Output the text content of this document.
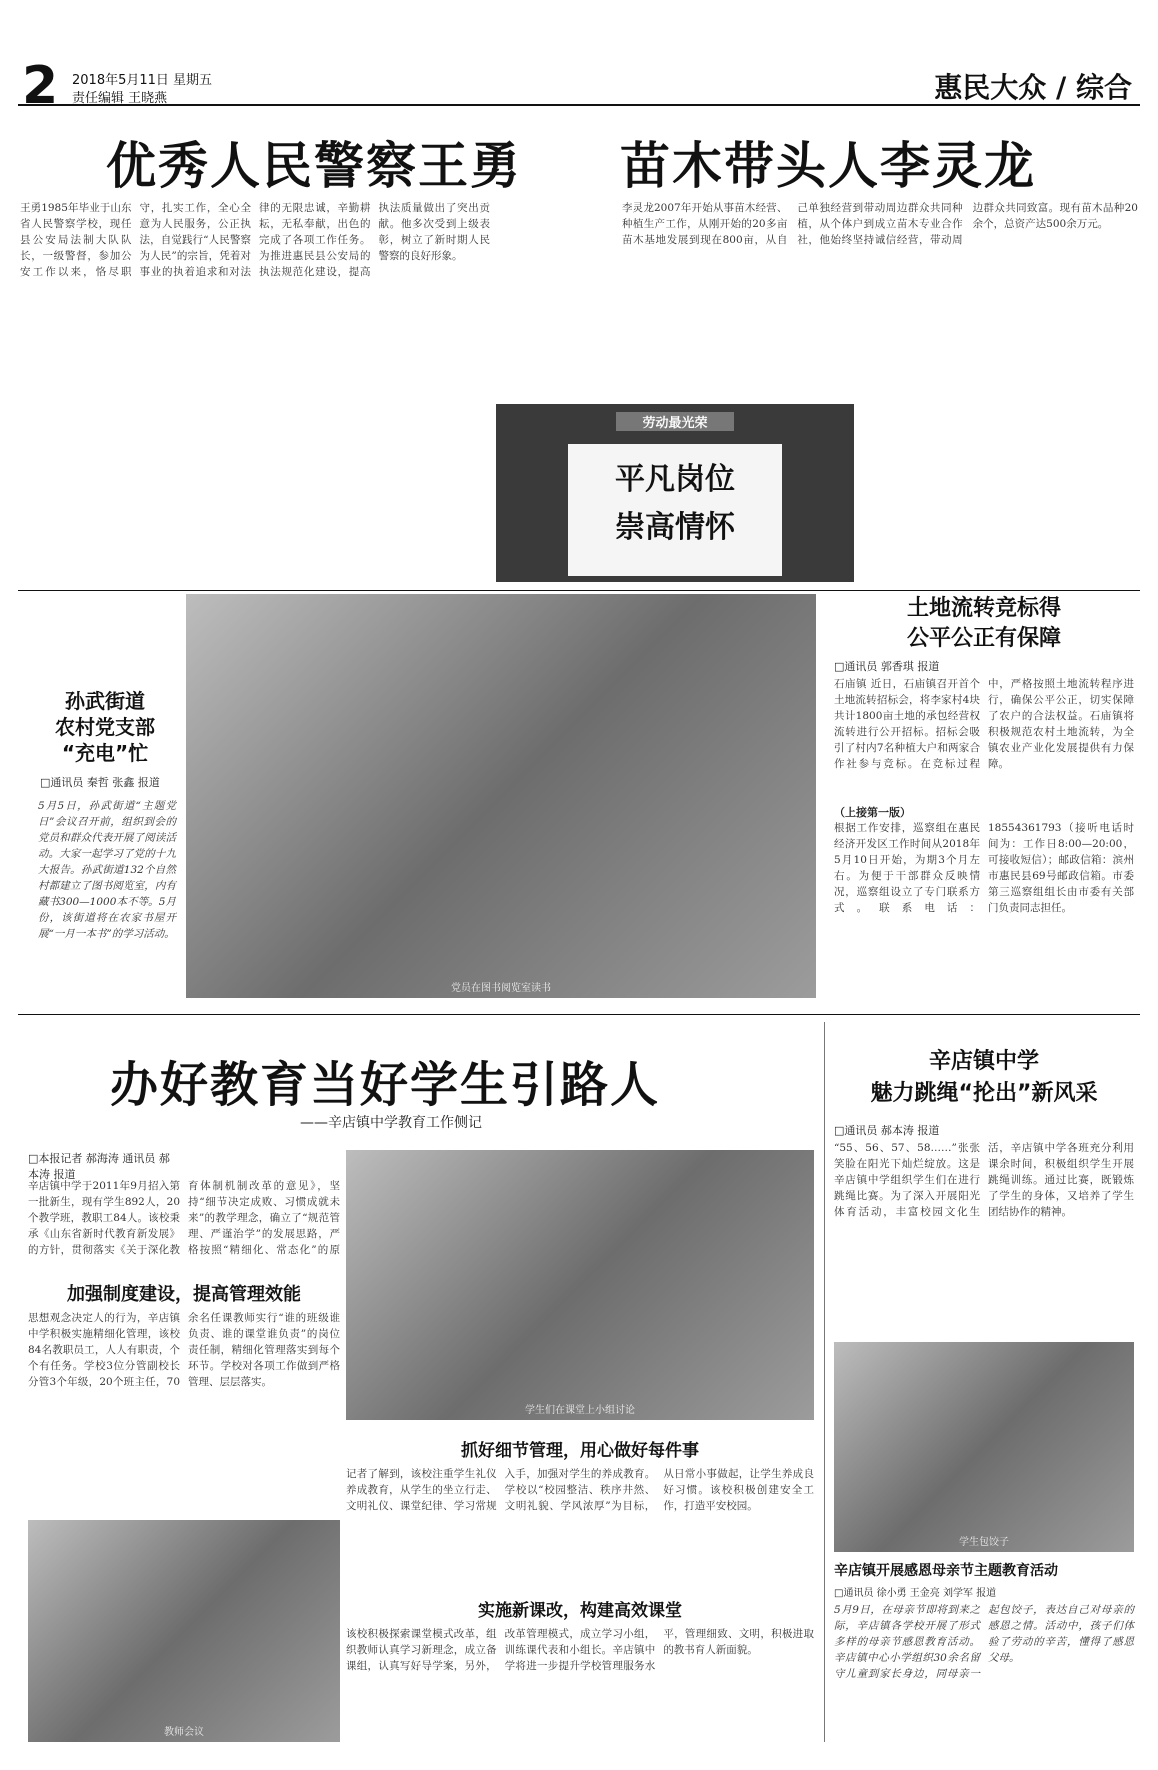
2 2018年5月11日 星期五
责任编辑 王晓燕	惠民大众 / 综合
优秀人民警察王勇 苗木带头人李灵龙
王勇1985年毕业于山东省人民警察学校，现任县公安局法制大队队长，一级警督，参加公安工作以来，恪尽职守，扎实工作，全心全意为人民服务，公正执法，自觉践行“人民警察为人民”的宗旨，凭着对事业的执着追求和对法律的无限忠诚，辛勤耕耘，无私奉献，出色的完成了各项工作任务。为推进惠民县公安局的执法规范化建设，提高执法质量做出了突出贡献。他多次受到上级表彰，树立了新时期人民警察的良好形象。
李灵龙2007年开始从事苗木经营、种植生产工作，从刚开始的20多亩苗木基地发展到现在800亩，从自己单独经营到带动周边群众共同种植，从个体户到成立苗木专业合作社，他始终坚持诚信经营，带动周边群众共同致富。现有苗木品种20余个，总资产达500余万元。
劳动最光荣
平凡岗位
崇高情怀
孙武街道
农村党支部
“充电”忙
□通讯员 秦哲 张鑫 报道
5月5日，孙武街道“主题党日”会议召开前，组织到会的党员和群众代表开展了阅读活动。大家一起学习了党的十九大报告。孙武街道132个自然村都建立了图书阅览室，内有藏书300—1000本不等。5月份，该街道将在农家书屋开展“一月一本书”的学习活动。
党员在图书阅览室读书
土地流转竞标得
公平公正有保障
□通讯员 郭香琪 报道
石庙镇 近日，石庙镇召开首个土地流转招标会，将李家村4块共计1800亩土地的承包经营权流转进行公开招标。招标会吸引了村内7名种植大户和两家合作社参与竞标。在竞标过程中，严格按照土地流转程序进行，确保公平公正，切实保障了农户的合法权益。石庙镇将积极规范农村土地流转，为全镇农业产业化发展提供有力保障。
（上接第一版）
根据工作安排，巡察组在惠民经济开发区工作时间从2018年5月10日开始，为期3个月左右。为便于干部群众反映情况，巡察组设立了专门联系方式。联系电话：18554361793（接听电话时间为：工作日8:00—20:00，可接收短信）；邮政信箱：滨州市惠民县69号邮政信箱。市委第三巡察组组长由市委有关部门负责同志担任。
办好教育当好学生引路人
——辛店镇中学教育工作侧记
□本报记者 郝海涛 通讯员 郝本涛 报道
辛店镇中学于2011年9月招入第一批新生，现有学生892人，20个教学班，教职工84人。该校秉承《山东省新时代教育新发展》的方针，贯彻落实《关于深化教育体制机制改革的意见》，坚持“细节决定成败、习惯成就未来”的教学理念，确立了“规范管理、严谨治学”的发展思路，严格按照“精细化、常态化”的原
加强制度建设，提高管理效能
思想观念决定人的行为，辛店镇中学积极实施精细化管理，该校84名教职员工，人人有职责，个个有任务。学校3位分管副校长分管3个年级，20个班主任，70余名任课教师实行“谁的班级谁负责、谁的课堂谁负责”的岗位责任制，精细化管理落实到每个环节。学校对各项工作做到严格管理、层层落实。
学生们在课堂上小组讨论
抓好细节管理，用心做好每件事
记者了解到，该校注重学生礼仪养成教育，从学生的坐立行走、文明礼仪、课堂纪律、学习常规入手，加强对学生的养成教育。学校以“校园整洁、秩序井然、文明礼貌、学风浓厚”为目标，从日常小事做起，让学生养成良好习惯。该校积极创建安全工作，打造平安校园。
实施新课改，构建高效课堂
该校积极探索课堂模式改革，组织教师认真学习新理念，成立备课组，认真写好导学案，另外，改革管理模式，成立学习小组，训练课代表和小组长。辛店镇中学将进一步提升学校管理服务水平，管理细致、文明，积极进取的教书育人新面貌。
教师会议
辛店镇中学
魅力跳绳“抡出”新风采
□通讯员 郝本涛 报道
“55、56、57、58……”张张笑脸在阳光下灿烂绽放。这是辛店镇中学组织学生们在进行跳绳比赛。为了深入开展阳光体育活动，丰富校园文化生活，辛店镇中学各班充分利用课余时间，积极组织学生开展跳绳训练。通过比赛，既锻炼了学生的身体，又培养了学生团结协作的精神。
学生包饺子
辛店镇开展感恩母亲节主题教育活动
□通讯员 徐小勇 王金亮 刘学军 报道
5月9日，在母亲节即将到来之际，辛店镇各学校开展了形式多样的母亲节感恩教育活动。辛店镇中心小学组织30余名留守儿童到家长身边，同母亲一起包饺子，表达自己对母亲的感恩之情。活动中，孩子们体验了劳动的辛苦，懂得了感恩父母。
